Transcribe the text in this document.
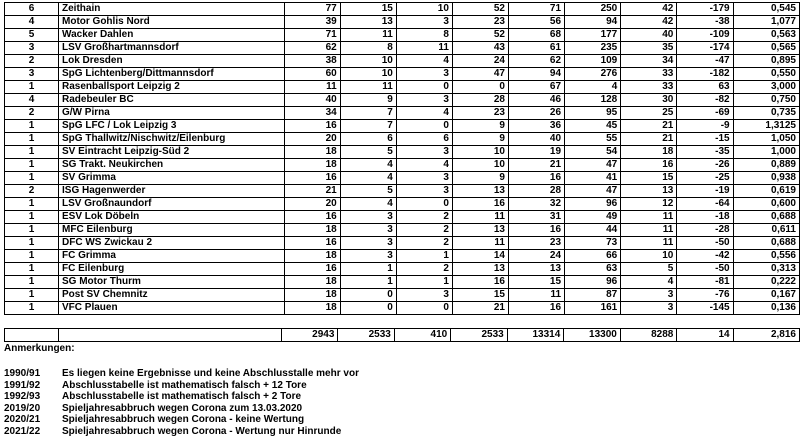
6	Zeithain	77	15	10	52	71	250	42	-179	0,545
4	Motor Gohlis Nord	39	13	3	23	56	94	42	-38	1,077
5	Wacker Dahlen	71	11	8	52	68	177	40	-109	0,563
3	LSV Großhartmannsdorf	62	8	11	43	61	235	35	-174	0,565
2	Lok Dresden	38	10	4	24	62	109	34	-47	0,895
3	SpG Lichtenberg/Dittmannsdorf	60	10	3	47	94	276	33	-182	0,550
1	Rasenballsport Leipzig 2	11	11	0	0	67	4	33	63	3,000
4	Radebeuler BC	40	9	3	28	46	128	30	-82	0,750
2	G/W Pirna	34	7	4	23	26	95	25	-69	0,735
1	SpG LFC / Lok Leipzig 3	16	7	0	9	36	45	21	-9	1,3125
1	SpG Thallwitz/Nischwitz/Eilenburg	20	6	6	9	40	55	21	-15	1,050
1	SV Eintracht Leipzig-Süd 2	18	5	3	10	19	54	18	-35	1,000
1	SG Trakt. Neukirchen	18	4	4	10	21	47	16	-26	0,889
1	SV Grimma	16	4	3	9	16	41	15	-25	0,938
2	ISG Hagenwerder	21	5	3	13	28	47	13	-19	0,619
1	LSV Großnaundorf	20	4	0	16	32	96	12	-64	0,600
1	ESV Lok Döbeln	16	3	2	11	31	49	11	-18	0,688
1	MFC Eilenburg	18	3	2	13	16	44	11	-28	0,611
1	DFC WS Zwickau 2	16	3	2	11	23	73	11	-50	0,688
1	FC Grimma	18	3	1	14	24	66	10	-42	0,556
1	FC Eilenburg	16	1	2	13	13	63	5	-50	0,313
1	SG Motor Thurm	18	1	1	16	15	96	4	-81	0,222
1	Post SV Chemnitz	18	0	3	15	11	87	3	-76	0,167
1	VFC Plauen	18	0	0	21	16	161	3	-145	0,136
		2943	2533	410	2533	13314	13300	8288	14	2,816
Anmerkungen:
1990/91	Es liegen keine Ergebnisse und keine Abschlusstalle mehr vor
1991/92	Abschlusstabelle ist mathematisch falsch + 12 Tore
1992/93	Abschlusstabelle ist mathematisch falsch + 2 Tore
2019/20	Spieljahresabbruch wegen Corona zum 13.03.2020
2020/21	Spieljahresabbruch wegen Corona - keine Wertung
2021/22	Spieljahresabbruch wegen Corona - Wertung nur Hinrunde
